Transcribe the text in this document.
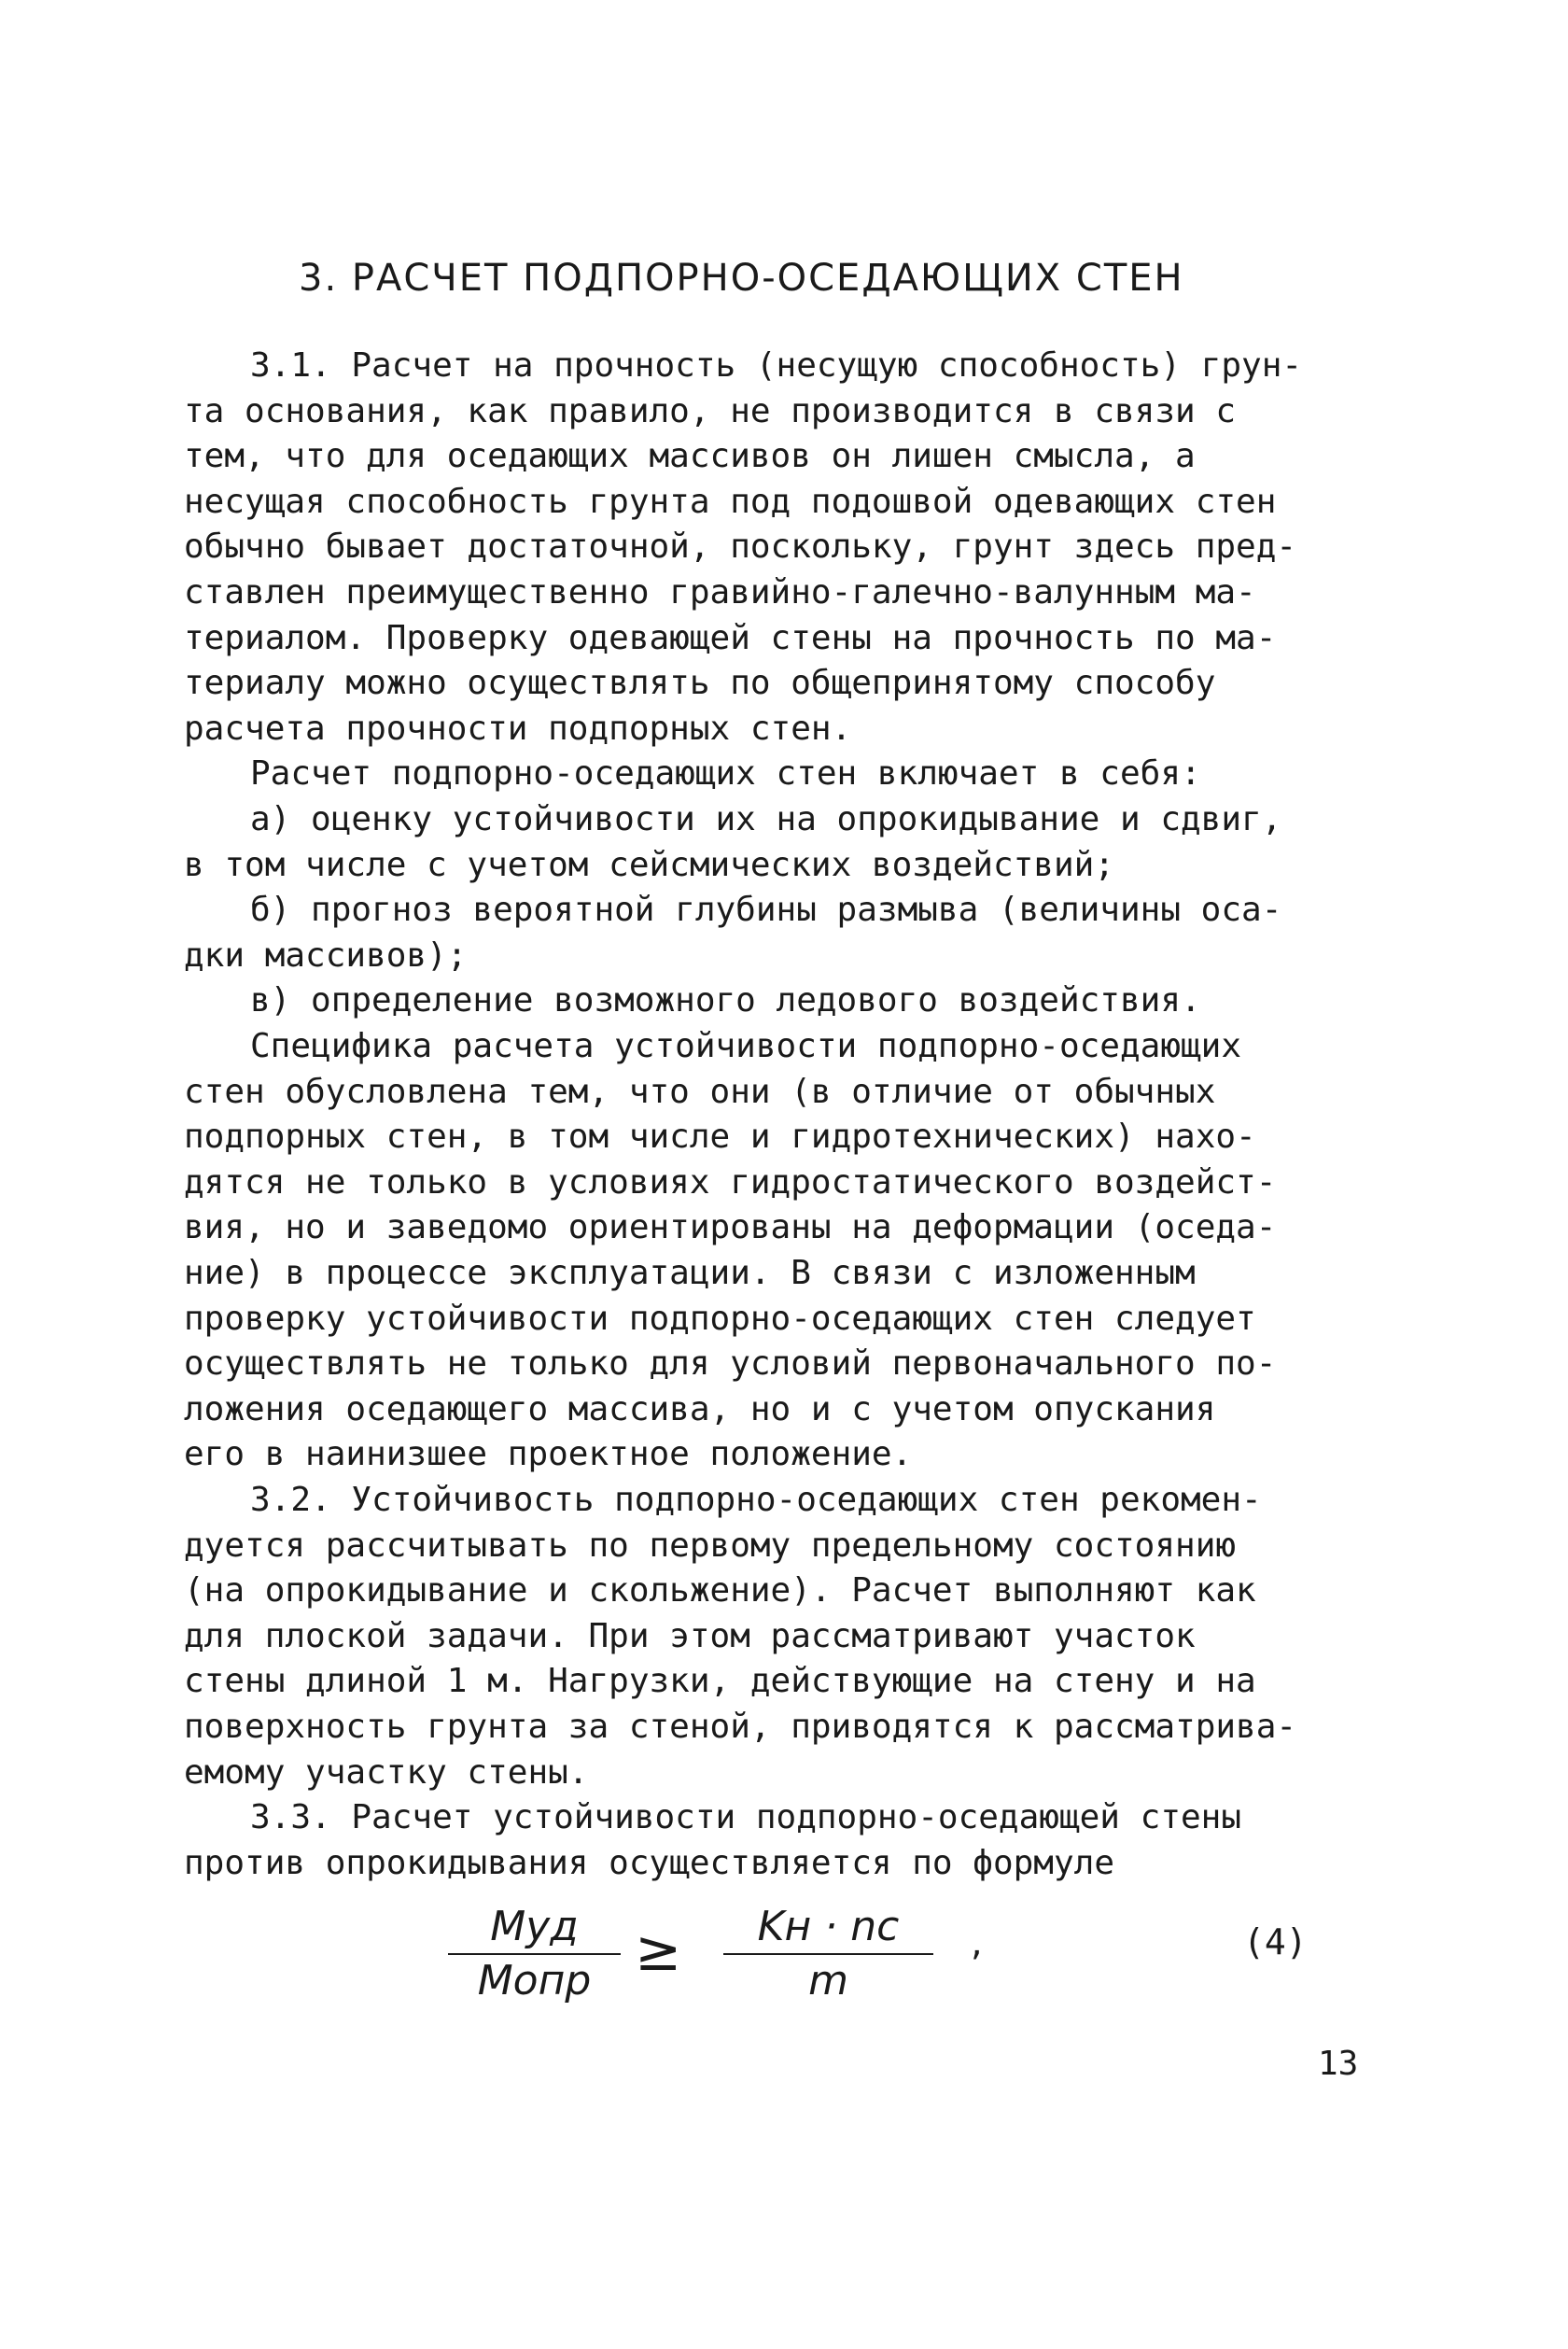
3. РАСЧЕТ ПОДПОРНО-ОСЕДАЮЩИХ СТЕН
3.1. Расчет на прочность (несущую способность) грун-
та основания, как правило, не производится в связи с
тем, что для оседающих массивов он лишен смысла, а
несущая способность грунта под подошвой одевающих стен
обычно бывает достаточной, поскольку, грунт здесь пред-
ставлен преимущественно гравийно-галечно-валунным ма-
териалом. Проверку одевающей стены на прочность по ма-
териалу можно осуществлять по общепринятому способу
расчета прочности подпорных стен.
Расчет подпорно-оседающих стен включает в себя:
а) оценку устойчивости их на опрокидывание и сдвиг,
в том числе с учетом сейсмических воздействий;
б) прогноз вероятной глубины размыва (величины оса-
дки массивов);
в) определение возможного ледового воздействия.
Специфика расчета устойчивости подпорно-оседающих
стен обусловлена тем, что они (в отличие от обычных
подпорных стен, в том числе и гидротехнических) нахо-
дятся не только в условиях гидростатического воздейст-
вия, но и заведомо ориентированы на деформации (оседа-
ние) в процессе эксплуатации. В связи с изложенным
проверку устойчивости подпорно-оседающих стен следует
осуществлять не только для условий первоначального по-
ложения оседающего массива, но и с учетом опускания
его в наинизшее проектное положение.
3.2. Устойчивость подпорно-оседающих стен рекомен-
дуется рассчитывать по первому предельному состоянию
(на опрокидывание и скольжение). Расчет выполняют как
для плоской задачи. При этом рассматривают участок
стены длиной 1 м. Нагрузки, действующие на стену и на
поверхность грунта за стеной, приводятся к рассматрива-
емому участку стены.
3.3. Расчет устойчивости подпорно-оседающей стены
против опрокидывания осуществляется по формуле
Mуд
Mопр ≥	Kн · nс
m
,	(4)
13
